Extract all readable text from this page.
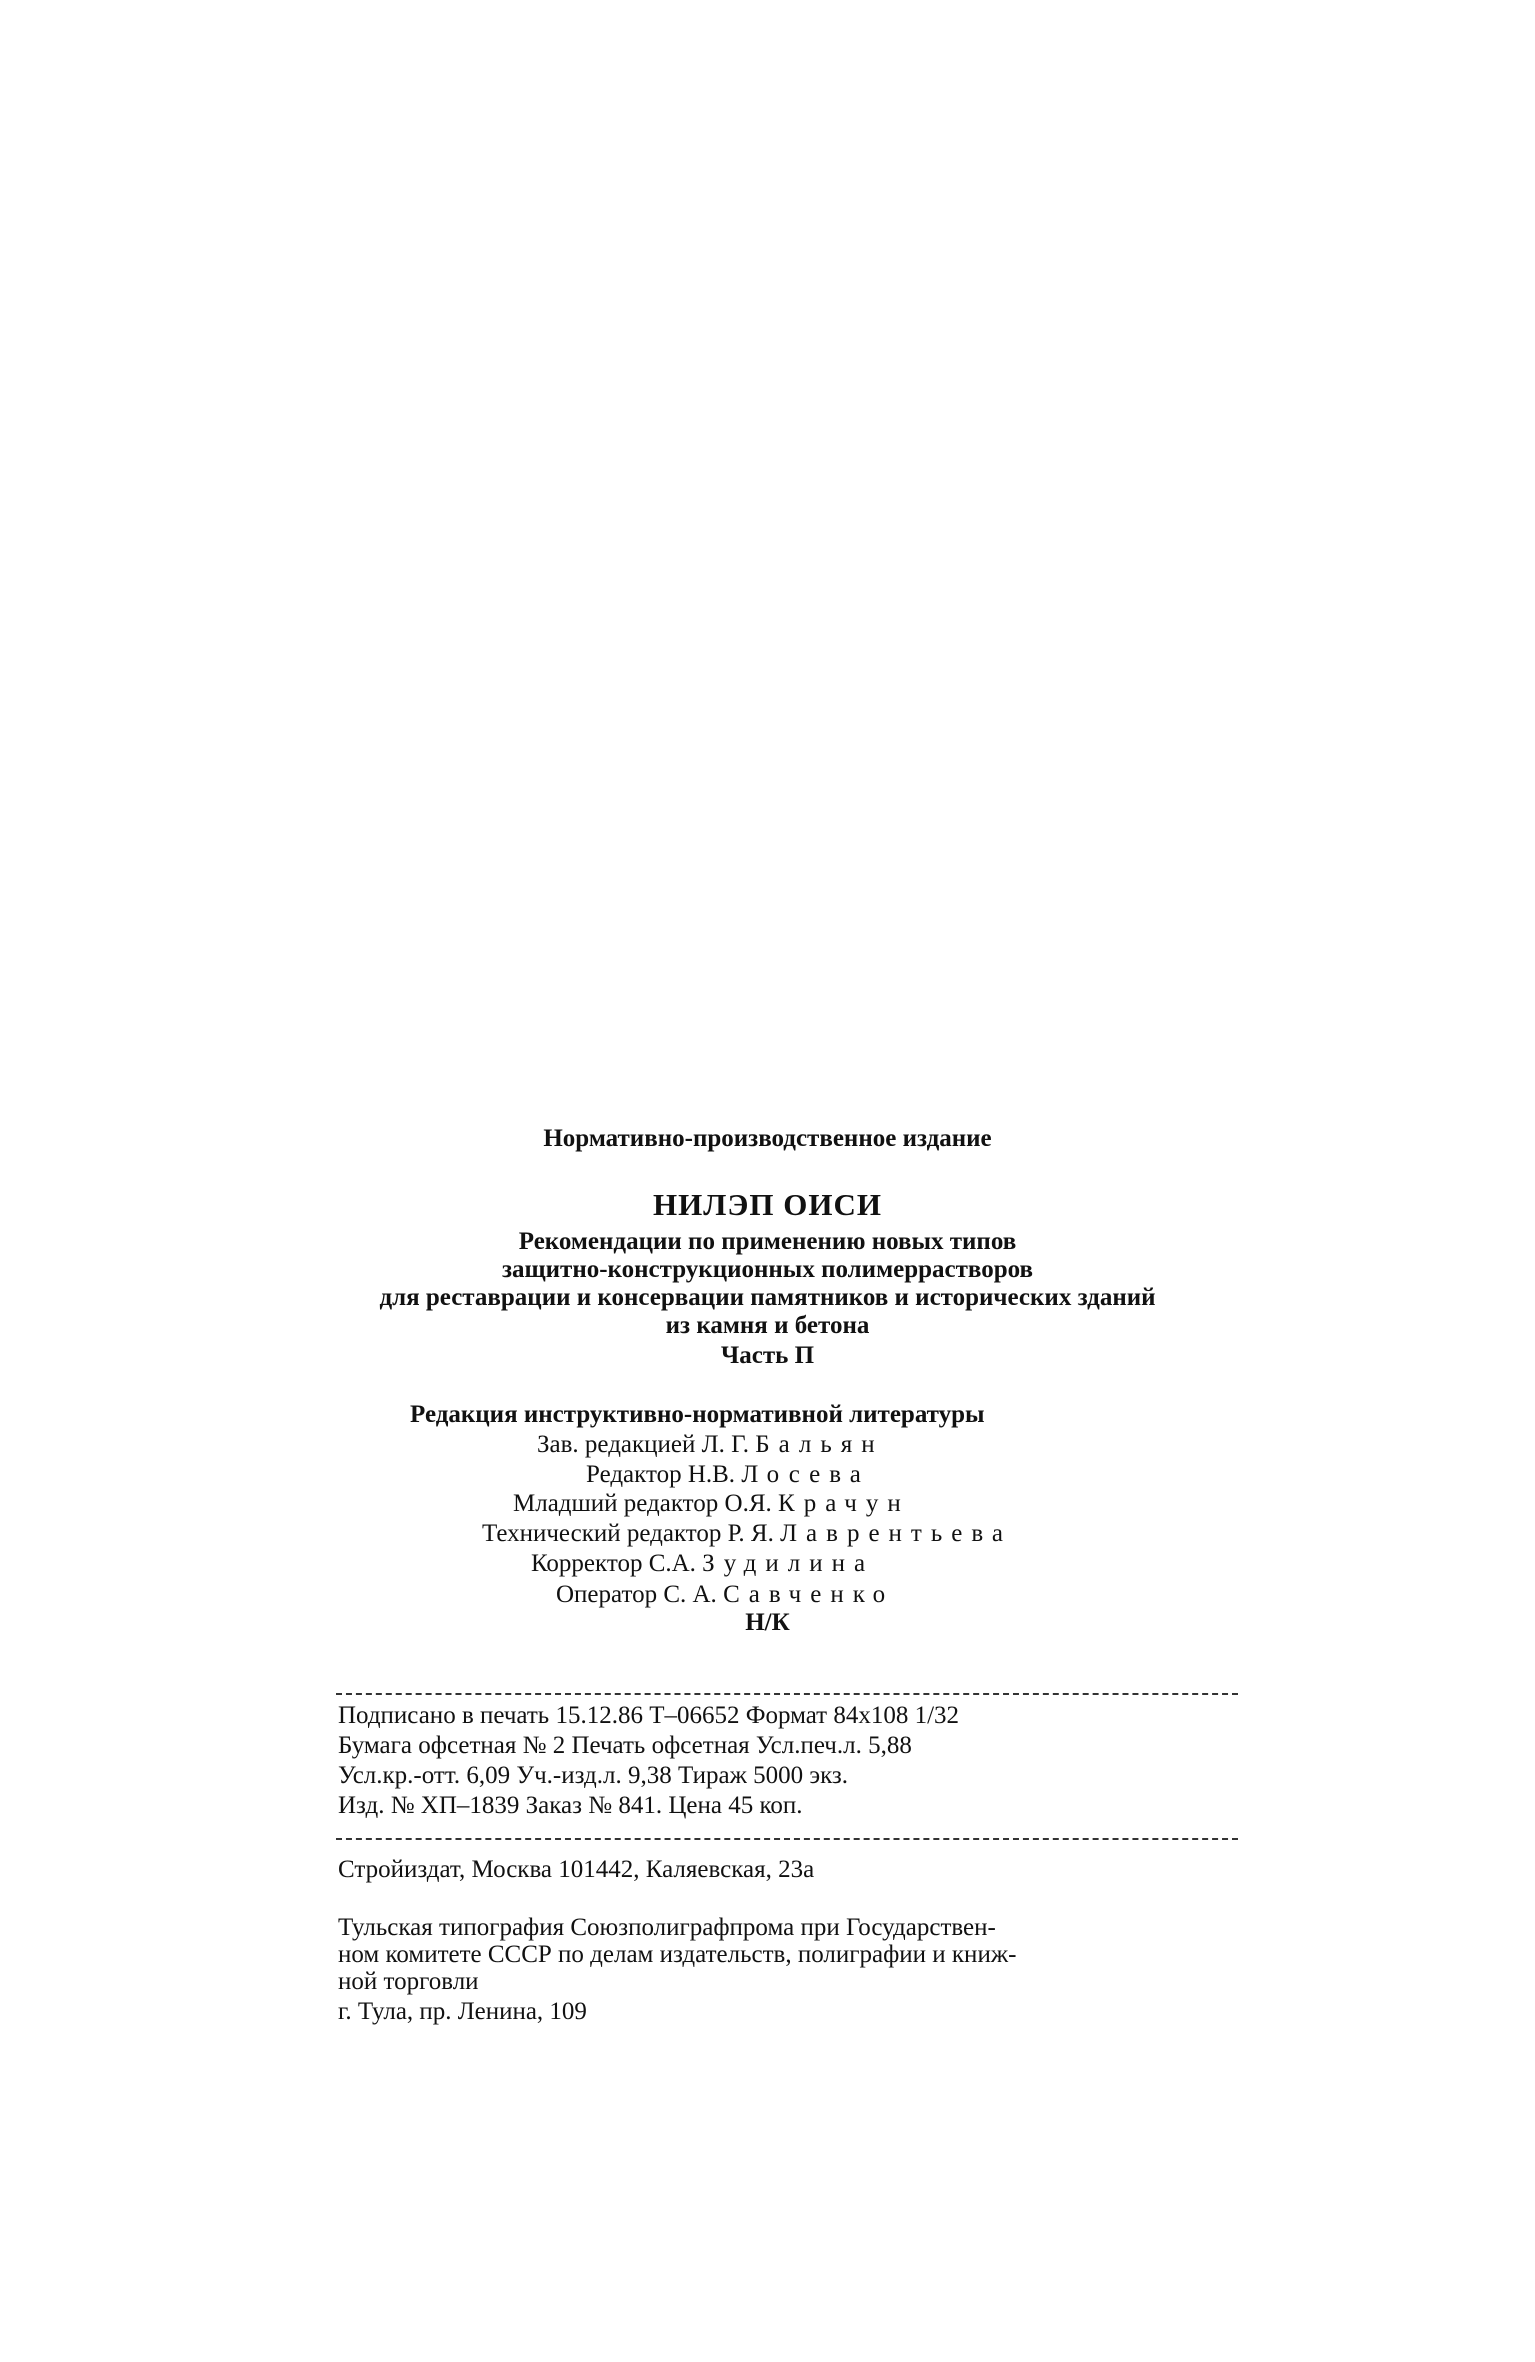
Нормативно-производственное издание
НИЛЭП ОИСИ
Рекомендации по применению новых типов
защитно-конструкционных полимеррастворов
для реставрации и консервации памятников и исторических зданий
из камня и бетона
Часть П
Редакция инструктивно-нормативной литературы
Зав. редакцией Л. Г. Бальян
Редактор Н.В. Лосева
Младший редактор О.Я. Крачун
Технический редактор Р. Я. Лаврентьева
Корректор С.А. Зудилина
Оператор С. А. Савченко
Н/К
Подписано в печать 15.12.86 Т–06652 Формат 84х108 1/32
Бумага офсетная № 2 Печать офсетная Усл.печ.л. 5,88
Усл.кр.-отт. 6,09 Уч.-изд.л. 9,38 Тираж 5000 экз.
Изд. № ХП–1839 Заказ № 841. Цена 45 коп.
Стройиздат, Москва 101442, Каляевская, 23а
Тульская типография Союзполиграфпрома при Государствен-
ном комитете СССР по делам издательств, полиграфии и книж-
ной торговли
г. Тула, пр. Ленина, 109
